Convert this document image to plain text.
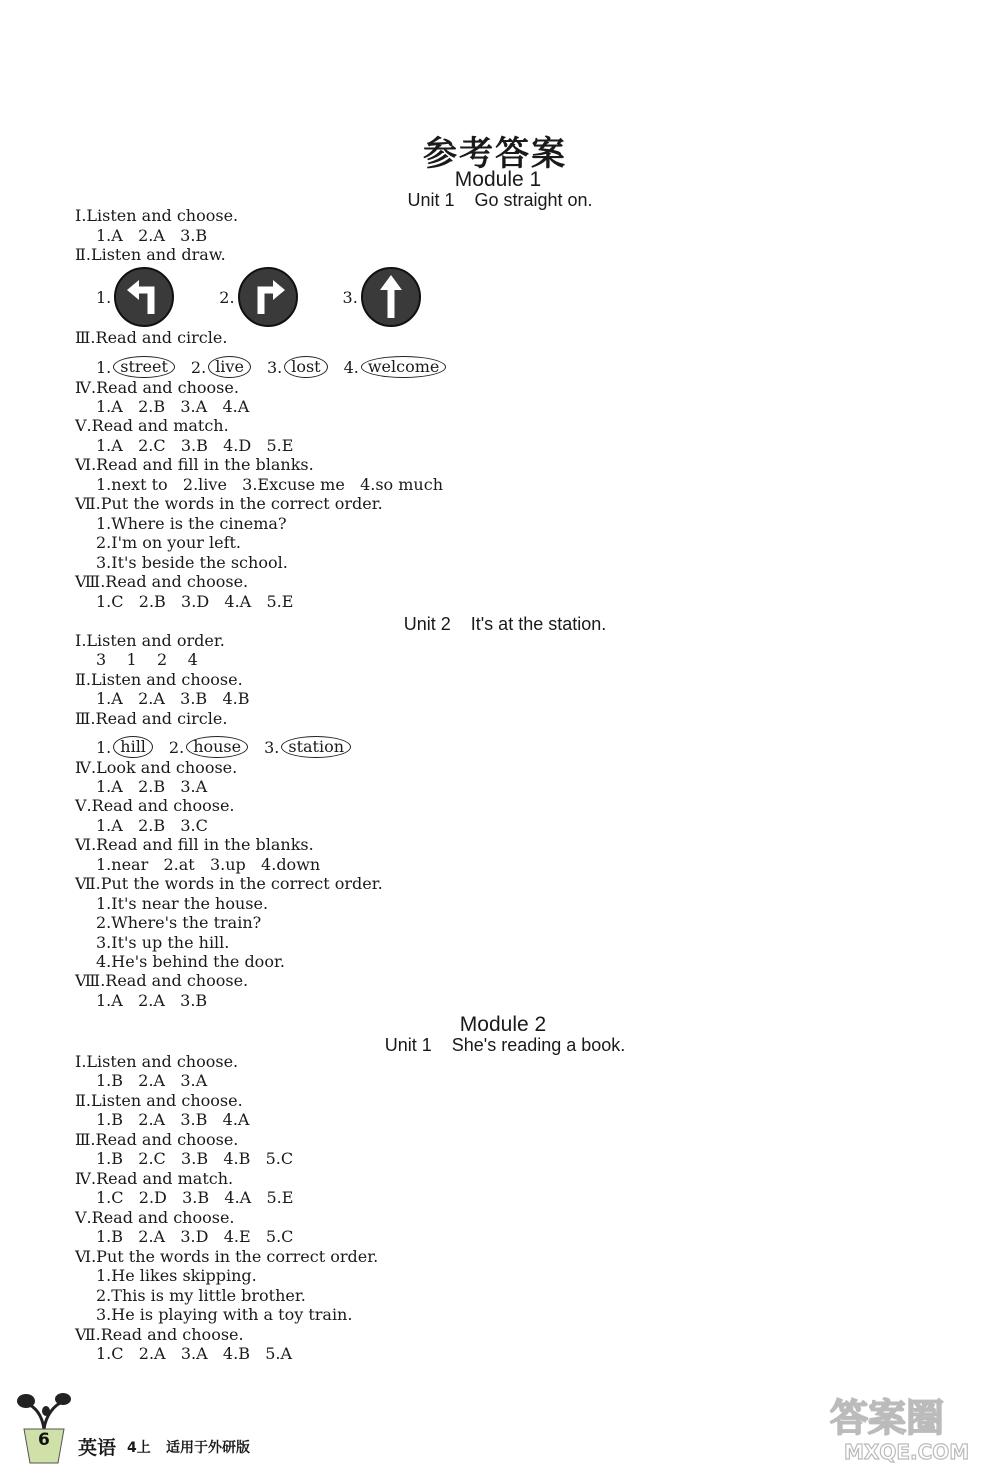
参考答案
Module 1
Unit 1    Go straight on.
Ⅰ.Listen and choose.
1.A   2.A   3.B
Ⅱ.Listen and draw.
1.	2.	3.
Ⅲ.Read and circle.
1. street	2. live	3. lost	4. welcome
Ⅳ.Read and choose.
1.A   2.B   3.A   4.A
Ⅴ.Read and match.
1.A   2.C   3.B   4.D   5.E
Ⅵ.Read and fill in the blanks.
1.next to   2.live   3.Excuse me   4.so much
Ⅶ.Put the words in the correct order.
1.Where is the cinema?
2.I'm on your left.
3.It's beside the school.
Ⅷ.Read and choose.
1.C   2.B   3.D   4.A   5.E
Unit 2    It's at the station.
Ⅰ.Listen and order.
3    1    2    4
Ⅱ.Listen and choose.
1.A   2.A   3.B   4.B
Ⅲ.Read and circle.
1. hill	2. house	3. station
Ⅳ.Look and choose.
1.A   2.B   3.A
Ⅴ.Read and choose.
1.A   2.B   3.C
Ⅵ.Read and fill in the blanks.
1.near   2.at   3.up   4.down
Ⅶ.Put the words in the correct order.
1.It's near the house.
2.Where's the train?
3.It's up the hill.
4.He's behind the door.
Ⅷ.Read and choose.
1.A   2.A   3.B
Module 2
Unit 1    She's reading a book.
Ⅰ.Listen and choose.
1.B   2.A   3.A
Ⅱ.Listen and choose.
1.B   2.A   3.B   4.A
Ⅲ.Read and choose.
1.B   2.C   3.B   4.B   5.C
Ⅳ.Read and match.
1.C   2.D   3.B   4.A   5.E
Ⅴ.Read and choose.
1.B   2.A   3.D   4.E   5.C
Ⅵ.Put the words in the correct order.
1.He likes skipping.
2.This is my little brother.
3.He is playing with a toy train.
Ⅶ.Read and choose.
1.C   2.A   3.A   4.B   5.A
6 英语 4上 适用于外研版
答案圈
MXQE.COM
